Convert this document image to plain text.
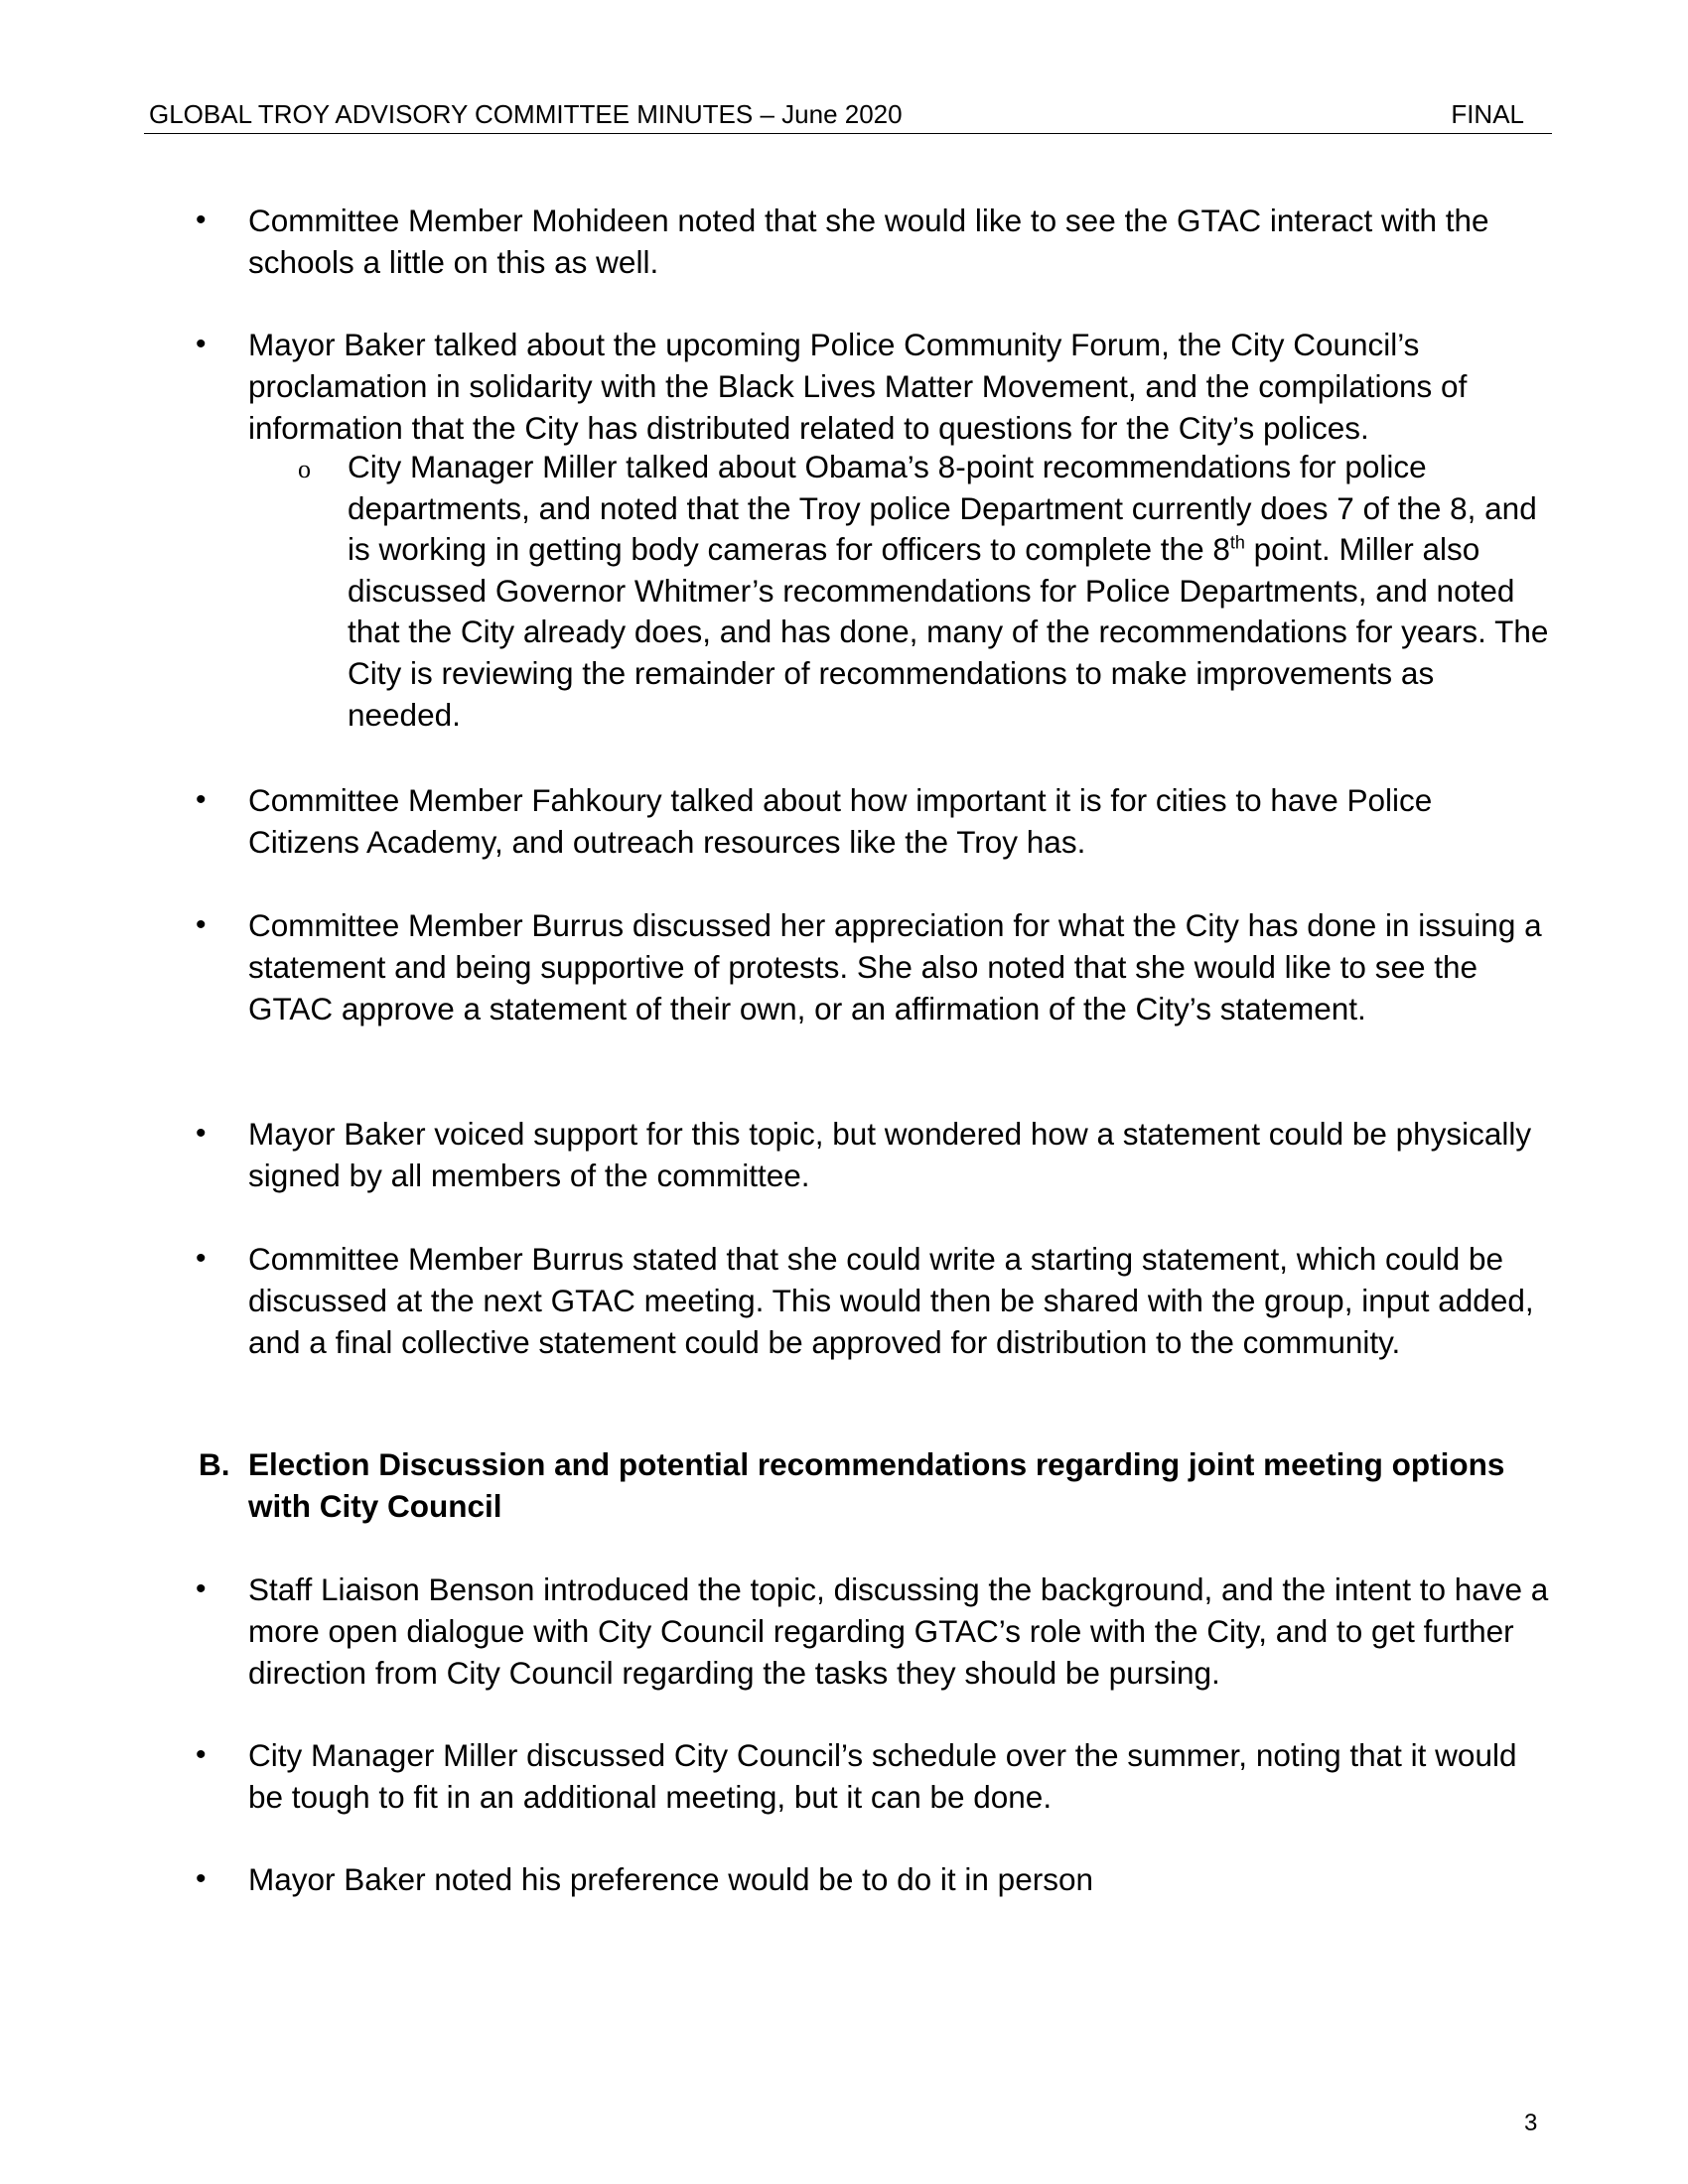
GLOBAL TROY ADVISORY COMMITTEE MINUTES – June 2020	FINAL
• Committee Member Mohideen noted that she would like to see the GTAC interact with the schools a little on this as well.
• Mayor Baker talked about the upcoming Police Community Forum, the City Council’s proclamation in solidarity with the Black Lives Matter Movement, and the compilations of information that the City has distributed related to questions for the City’s polices.
o City Manager Miller talked about Obama’s 8-point recommendations for police departments, and noted that the Troy police Department currently does 7 of the 8, and is working in getting body cameras for officers to complete the 8th point. Miller also discussed Governor Whitmer’s recommendations for Police Departments, and noted that the City already does, and has done, many of the recommendations for years. The City is reviewing the remainder of recommendations to make improvements as needed.
• Committee Member Fahkoury talked about how important it is for cities to have Police Citizens Academy, and outreach resources like the Troy has.
• Committee Member Burrus discussed her appreciation for what the City has done in issuing a statement and being supportive of protests. She also noted that she would like to see the GTAC approve a statement of their own, or an affirmation of the City’s statement.
• Mayor Baker voiced support for this topic, but wondered how a statement could be physically signed by all members of the committee.
• Committee Member Burrus stated that she could write a starting statement, which could be discussed at the next GTAC meeting. This would then be shared with the group, input added, and a final collective statement could be approved for distribution to the community.
B. Election Discussion and potential recommendations regarding joint meeting options with City Council
• Staff Liaison Benson introduced the topic, discussing the background, and the intent to have a more open dialogue with City Council regarding GTAC’s role with the City, and to get further direction from City Council regarding the tasks they should be pursing.
• City Manager Miller discussed City Council’s schedule over the summer, noting that it would be tough to fit in an additional meeting, but it can be done.
• Mayor Baker noted his preference would be to do it in person
3
